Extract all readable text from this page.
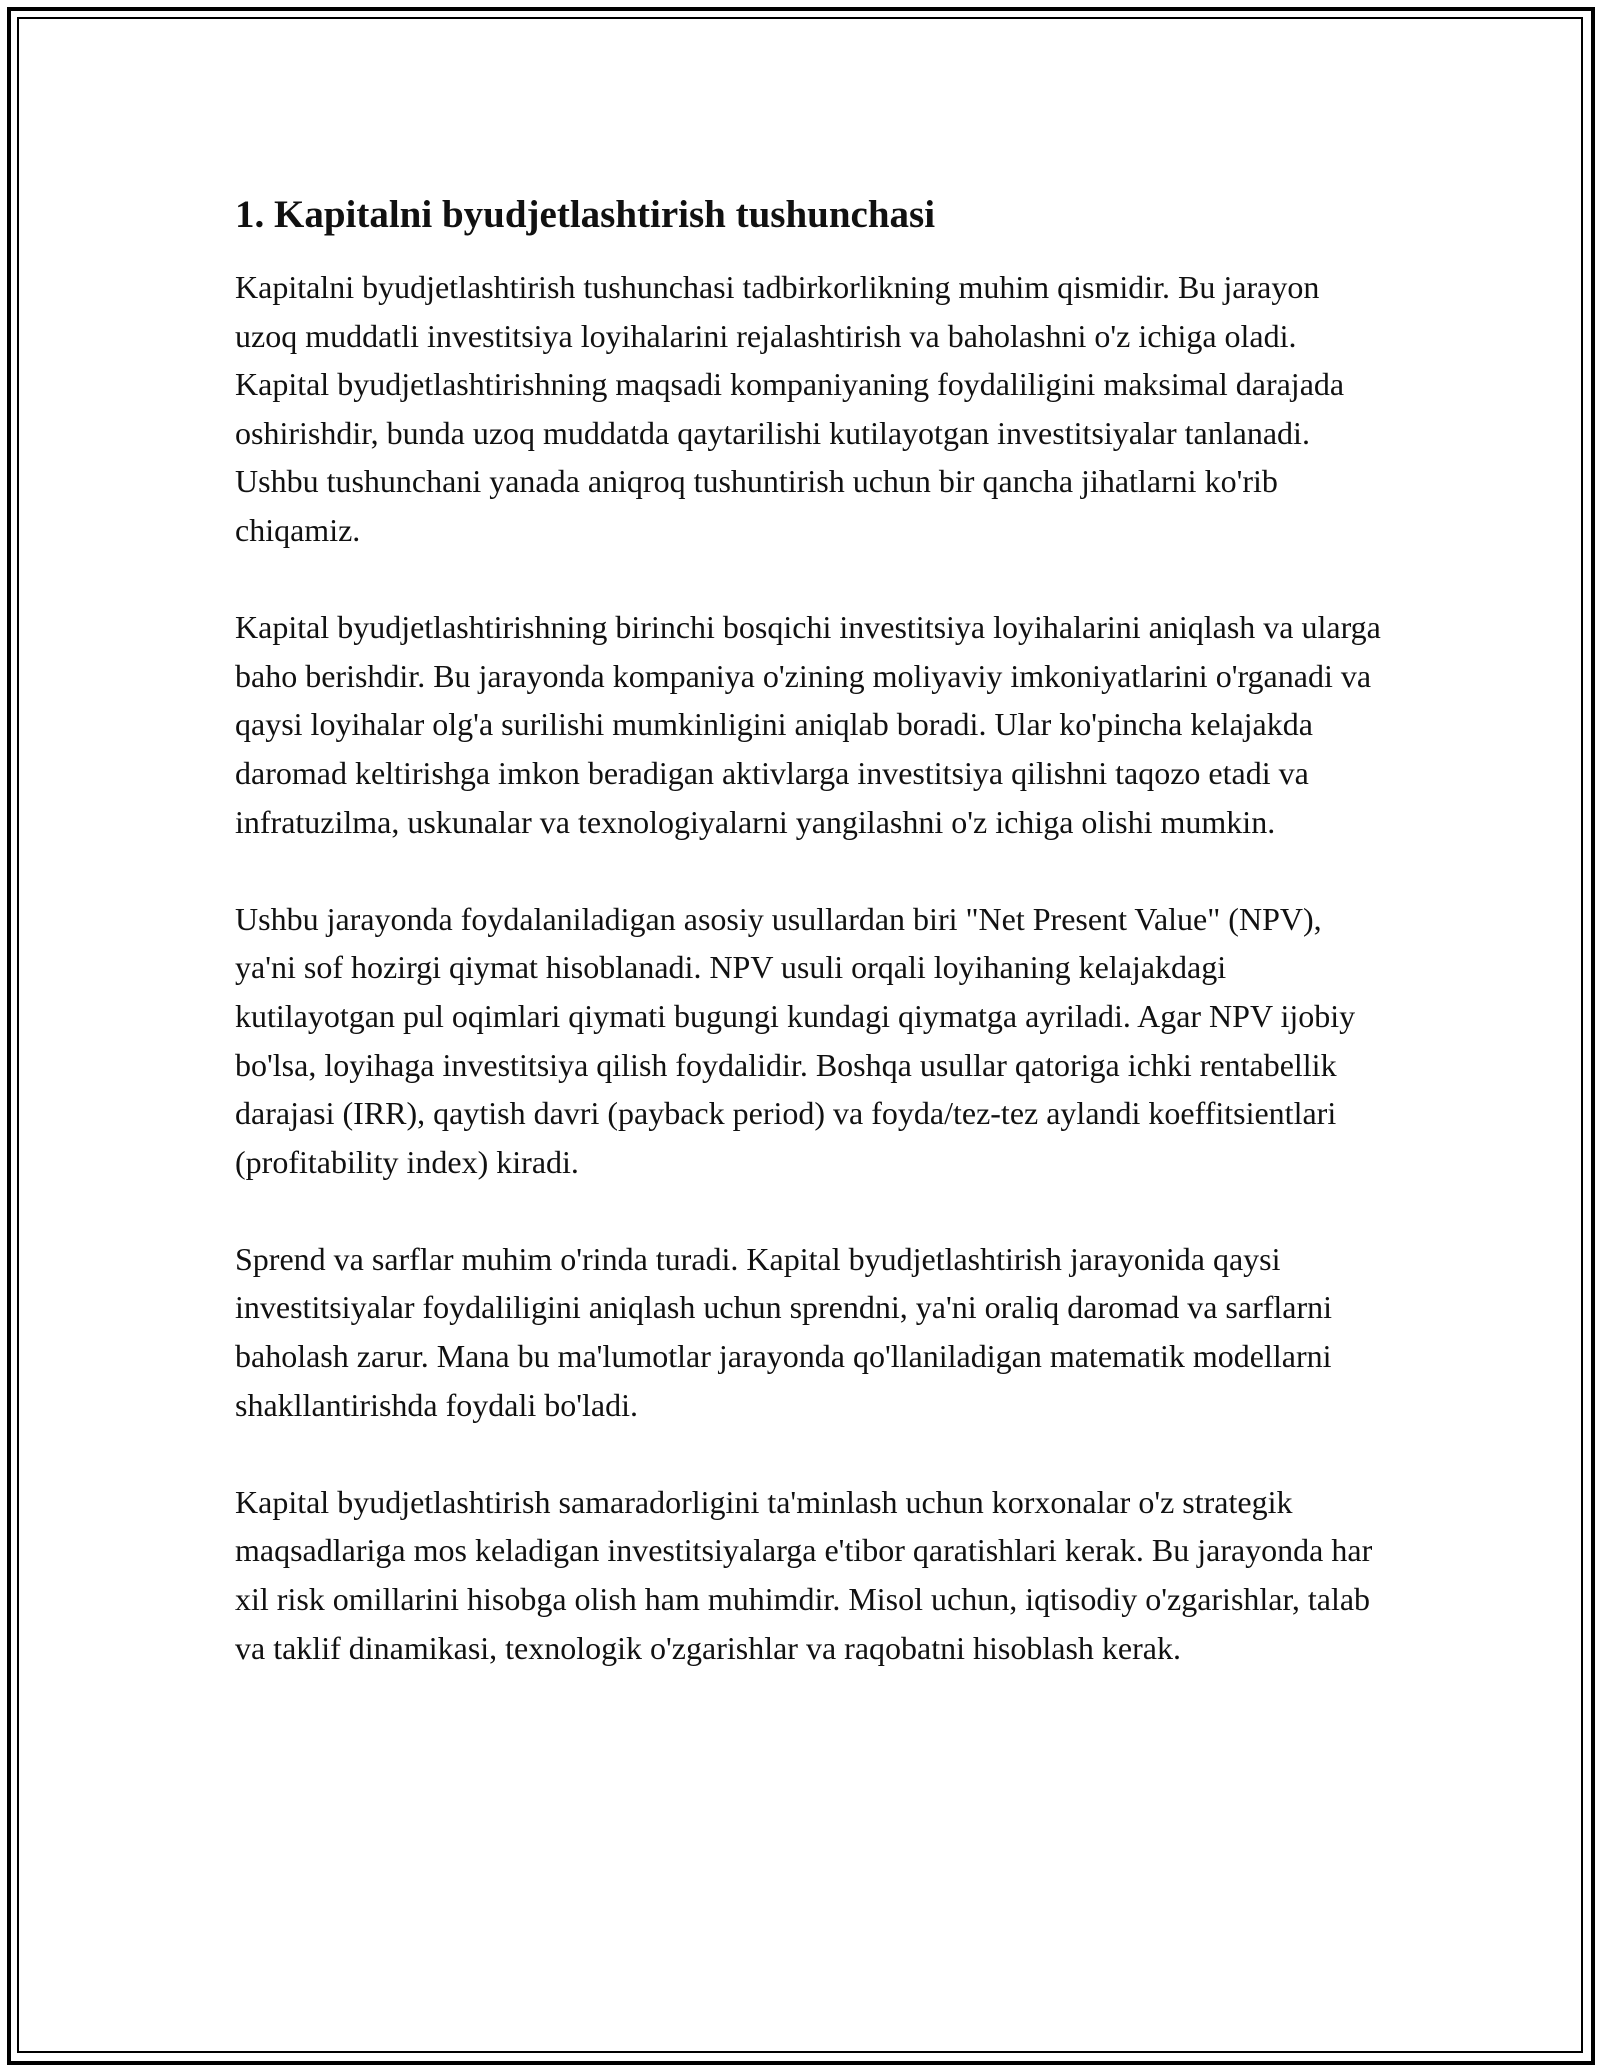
1. Kapitalni byudjetlashtirish tushunchasi

Kapitalni byudjetlashtirish tushunchasi tadbirkorlikning muhim qismidir. Bu jarayon uzoq muddatli investitsiya loyihalarini rejalashtirish va baholashni o'z ichiga oladi. Kapital byudjetlashtirishning maqsadi kompaniyaning foydaliligini maksimal darajada oshirishdir, bunda uzoq muddatda qaytarilishi kutilayotgan investitsiyalar tanlanadi. Ushbu tushunchani yanada aniqroq tushuntirish uchun bir qancha jihatlarni ko'rib chiqamiz.

Kapital byudjetlashtirishning birinchi bosqichi investitsiya loyihalarini aniqlash va ularga baho berishdir. Bu jarayonda kompaniya o'zining moliyaviy imkoniyatlarini o'rganadi va qaysi loyihalar olg'a surilishi mumkinligini aniqlab boradi. Ular ko'pincha kelajakda daromad keltirishga imkon beradigan aktivlarga investitsiya qilishni taqozo etadi va infratuzilma, uskunalar va texnologiyalarni yangilashni o'z ichiga olishi mumkin.

Ushbu jarayonda foydalaniladigan asosiy usullardan biri "Net Present Value" (NPV), ya'ni sof hozirgi qiymat hisoblanadi. NPV usuli orqali loyihaning kelajakdagi kutilayotgan pul oqimlari qiymati bugungi kundagi qiymatga ayriladi. Agar NPV ijobiy bo'lsa, loyihaga investitsiya qilish foydalidir. Boshqa usullar qatoriga ichki rentabellik darajasi (IRR), qaytish davri (payback period) va foyda/tez-tez aylandi koeffitsientlari (profitability index) kiradi.

Sprend va sarflar muhim o'rinda turadi. Kapital byudjetlashtirish jarayonida qaysi investitsiyalar foydaliligini aniqlash uchun sprendni, ya'ni oraliq daromad va sarflarni baholash zarur. Mana bu ma'lumotlar jarayonda qo'llaniladigan matematik modellarni shakllantirishda foydali bo'ladi.

Kapital byudjetlashtirish samaradorligini ta'minlash uchun korxonalar o'z strategik maqsadlariga mos keladigan investitsiyalarga e'tibor qaratishlari kerak. Bu jarayonda har xil risk omillarini hisobga olish ham muhimdir. Misol uchun, iqtisodiy o'zgarishlar, talab va taklif dinamikasi, texnologik o'zgarishlar va raqobatni hisoblash kerak.
